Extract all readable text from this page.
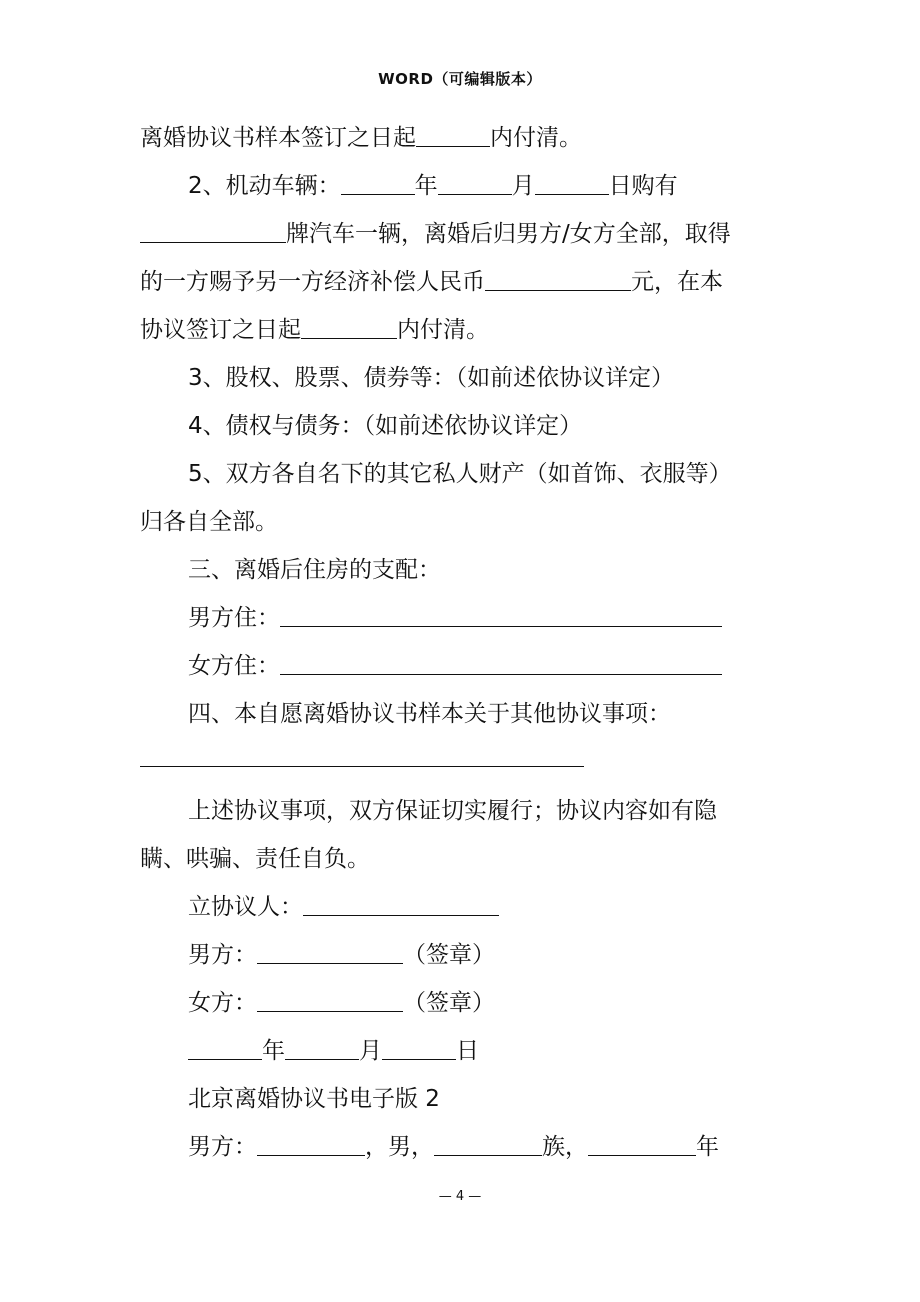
WORD（可编辑版本）

离婚协议书样本签订之日起	内付清。

2、机动车辆：	年	月	日购有

牌汽车一辆，离婚后归男方/女方全部，取得

的一方赐予另一方经济补偿人民币	元，在本

协议签订之日起	内付清。

3、股权、股票、债券等：（如前述依协议详定）

4、债权与债务：（如前述依协议详定）

5、双方各自名下的其它私人财产（如首饰、衣服等）

归各自全部。

三、离婚后住房的支配：

男方住：

女方住：

四、本自愿离婚协议书样本关于其他协议事项：

上述协议事项，双方保证切实履行；协议内容如有隐

瞒、哄骗、责任自负。

立协议人：

男方：	（签章）

女方：	（签章）

年	月	日

北京离婚协议书电子版 2

男方：	，男，	族，	年

— 4 —
